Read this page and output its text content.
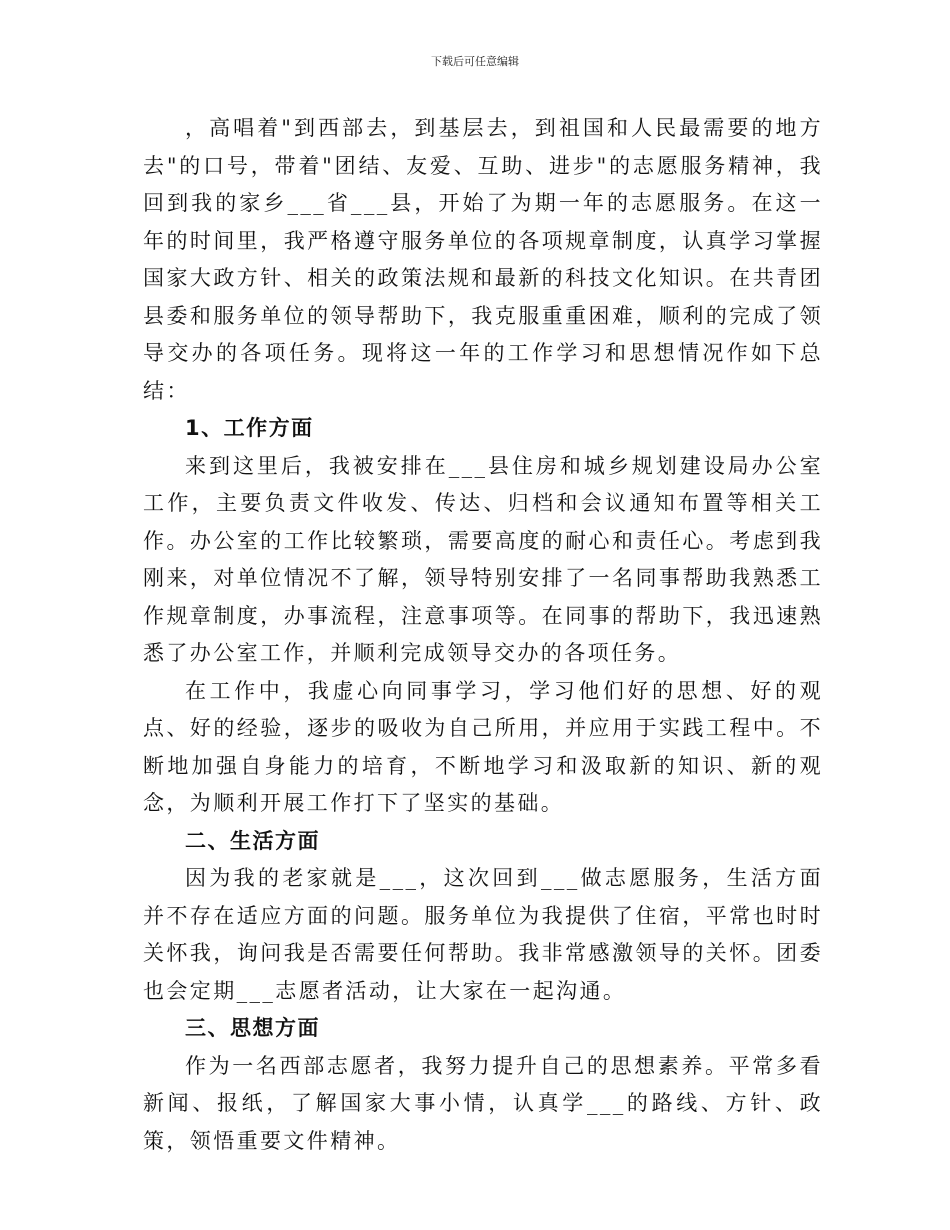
下载后可任意编辑

，高唱着"到西部去，到基层去，到祖国和人民最需要的地方去"的口号，带着"团结、友爱、互助、进步"的志愿服务精神，我回到我的家乡___省___县，开始了为期一年的志愿服务。在这一年的时间里，我严格遵守服务单位的各项规章制度，认真学习掌握国家大政方针、相关的政策法规和最新的科技文化知识。在共青团县委和服务单位的领导帮助下，我克服重重困难，顺利的完成了领导交办的各项任务。现将这一年的工作学习和思想情况作如下总结：

1、工作方面

来到这里后，我被安排在___县住房和城乡规划建设局办公室工作，主要负责文件收发、传达、归档和会议通知布置等相关工作。办公室的工作比较繁琐，需要高度的耐心和责任心。考虑到我刚来，对单位情况不了解，领导特别安排了一名同事帮助我熟悉工作规章制度，办事流程，注意事项等。在同事的帮助下，我迅速熟悉了办公室工作，并顺利完成领导交办的各项任务。

在工作中，我虚心向同事学习，学习他们好的思想、好的观点、好的经验，逐步的吸收为自己所用，并应用于实践工程中。不断地加强自身能力的培育，不断地学习和汲取新的知识、新的观念，为顺利开展工作打下了坚实的基础。

二、生活方面

因为我的老家就是___，这次回到___做志愿服务，生活方面并不存在适应方面的问题。服务单位为我提供了住宿，平常也时时关怀我，询问我是否需要任何帮助。我非常感激领导的关怀。团委也会定期___志愿者活动，让大家在一起沟通。

三、思想方面

作为一名西部志愿者，我努力提升自己的思想素养。平常多看新闻、报纸，了解国家大事小情，认真学___的路线、方针、政策，领悟重要文件精神。
